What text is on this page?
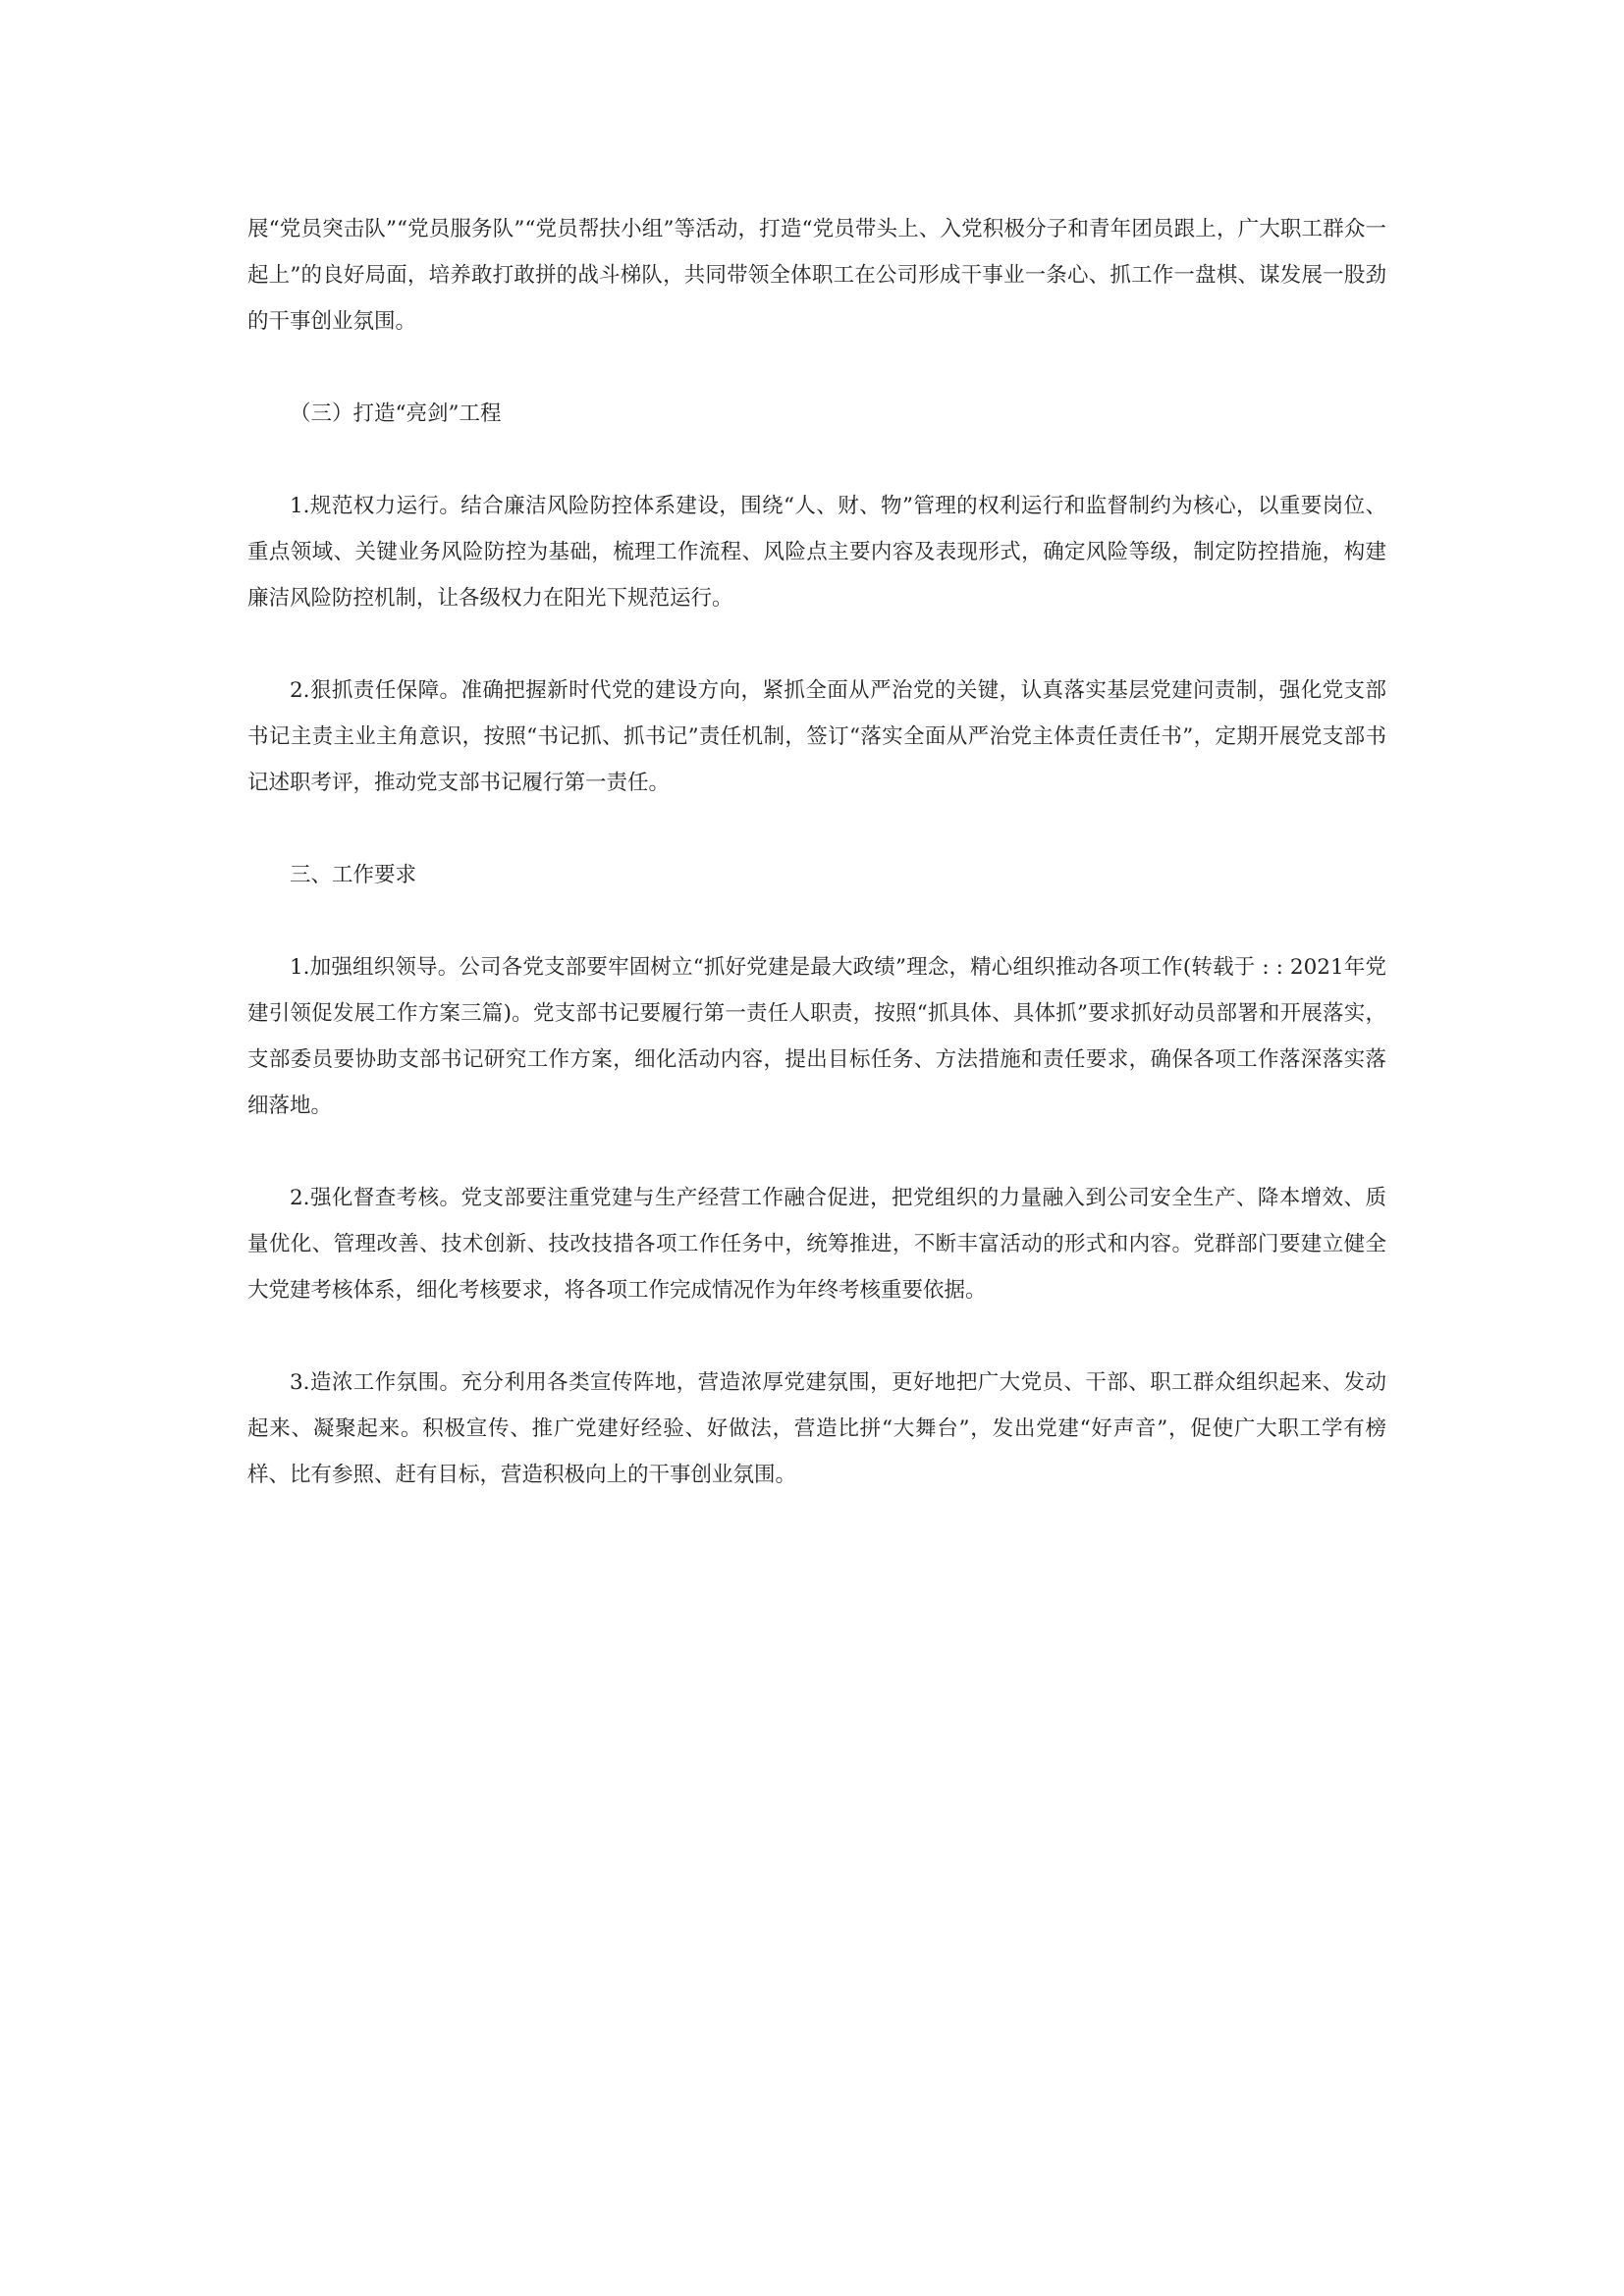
展“党员突击队”“党员服务队”“党员帮扶小组”等活动，打造“党员带头上、入党积极分子和青年团员跟上，广大职工群众一起上”的良好局面，培养敢打敢拼的战斗梯队，共同带领全体职工在公司形成干事业一条心、抓工作一盘棋、谋发展一股劲的干事创业氛围。

（三）打造“亮剑”工程

1.规范权力运行。结合廉洁风险防控体系建设，围绕“人、财、物”管理的权利运行和监督制约为核心，以重要岗位、重点领域、关键业务风险防控为基础，梳理工作流程、风险点主要内容及表现形式，确定风险等级，制定防控措施，构建廉洁风险防控机制，让各级权力在阳光下规范运行。

2.狠抓责任保障。准确把握新时代党的建设方向，紧抓全面从严治党的关键，认真落实基层党建问责制，强化党支部书记主责主业主角意识，按照“书记抓、抓书记”责任机制，签订“落实全面从严治党主体责任责任书”，定期开展党支部书记述职考评，推动党支部书记履行第一责任。

三、工作要求

1.加强组织领导。公司各党支部要牢固树立“抓好党建是最大政绩”理念，精心组织推动各项工作(转载于 : : 2021年党建引领促发展工作方案三篇)。党支部书记要履行第一责任人职责，按照“抓具体、具体抓”要求抓好动员部署和开展落实，支部委员要协助支部书记研究工作方案，细化活动内容，提出目标任务、方法措施和责任要求，确保各项工作落深落实落细落地。

2.强化督查考核。党支部要注重党建与生产经营工作融合促进，把党组织的力量融入到公司安全生产、降本增效、质量优化、管理改善、技术创新、技改技措各项工作任务中，统筹推进，不断丰富活动的形式和内容。党群部门要建立健全大党建考核体系，细化考核要求，将各项工作完成情况作为年终考核重要依据。

3.造浓工作氛围。充分利用各类宣传阵地，营造浓厚党建氛围，更好地把广大党员、干部、职工群众组织起来、发动起来、凝聚起来。积极宣传、推广党建好经验、好做法，营造比拼“大舞台”，发出党建“好声音”，促使广大职工学有榜样、比有参照、赶有目标，营造积极向上的干事创业氛围。
